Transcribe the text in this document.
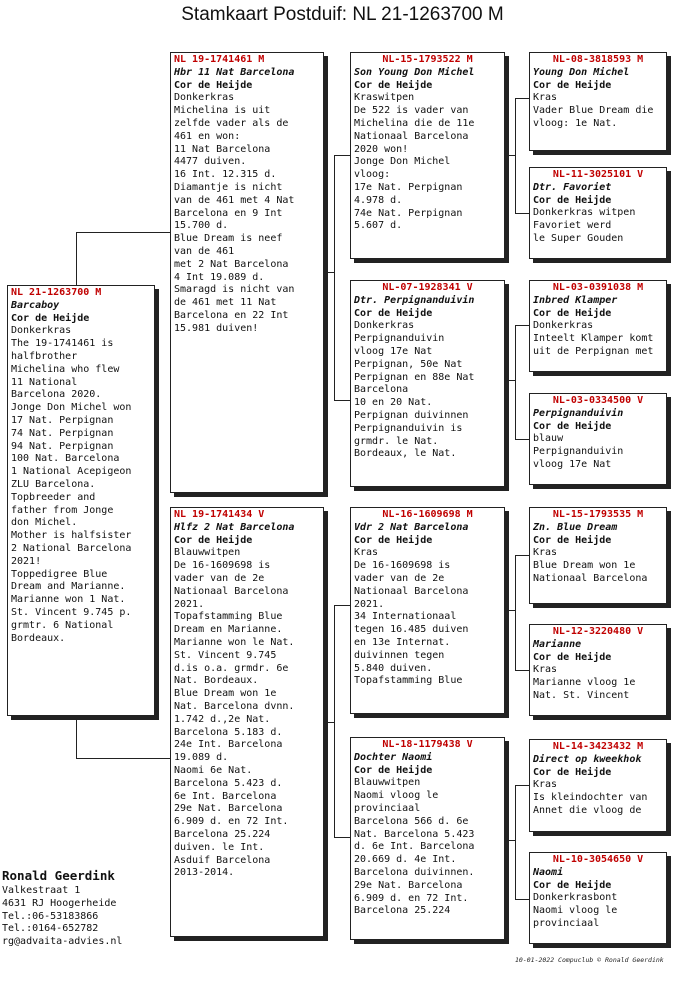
Stamkaart Postduif: NL 21-1263700 M
NL 21-1263700 M
Barcaboy
Cor de Heijde
Donkerkras
The 19-1741461 is
halfbrother
Michelina who flew
11 National
Barcelona 2020.
Jonge Don Michel won
17 Nat. Perpignan
74 Nat. Perpignan
94 Nat. Perpignan
100 Nat. Barcelona
1 National Acepigeon
ZLU Barcelona.
Topbreeder and
father from Jonge
don Michel.
Mother is halfsister
2 National Barcelona
2021!
Toppedigree Blue
Dream and Marianne.
Marianne won 1 Nat.
St. Vincent 9.745 p.
grmtr. 6 National
Bordeaux.
NL 19-1741461 M
Hbr 11 Nat Barcelona
Cor de Heijde
Donkerkras
Michelina is uit
zelfde vader als de
461 en won:
11 Nat Barcelona
4477 duiven.
16 Int. 12.315 d.
Diamantje is nicht
van de 461 met 4 Nat
Barcelona en 9 Int
15.700 d.
Blue Dream is neef
van de 461
met 2 Nat Barcelona
4 Int 19.089 d.
Smaragd is nicht van
de 461 met 11 Nat
Barcelona en 22 Int
15.981 duiven!
NL 19-1741434 V
Hlfz 2 Nat Barcelona
Cor de Heijde
Blauwwitpen
De 16-1609698 is
vader van de 2e
Nationaal Barcelona
2021.
Topafstamming Blue
Dream en Marianne.
Marianne won le Nat.
St. Vincent 9.745
d.is o.a. grmdr. 6e
Nat. Bordeaux.
Blue Dream won 1e
Nat. Barcelona dvnn.
1.742 d.,2e Nat.
Barcelona 5.183 d.
24e Int. Barcelona
19.089 d.
Naomi 6e Nat.
Barcelona 5.423 d.
6e Int. Barcelona
29e Nat. Barcelona
6.909 d. en 72 Int.
Barcelona 25.224
duiven. le Int.
Asduif Barcelona
2013-2014.
NL-15-1793522 M
Son Young Don Michel
Cor de Heijde
Kraswitpen
De 522 is vader van
Michelina die de 11e
Nationaal Barcelona
2020 won!
Jonge Don Michel
vloog:
17e Nat. Perpignan
4.978 d.
74e Nat. Perpignan
5.607 d.
NL-07-1928341 V
Dtr. Perpignanduivin
Cor de Heijde
Donkerkras
Perpignanduivin
vloog 17e Nat
Perpignan, 50e Nat
Perpignan en 88e Nat
Barcelona
10 en 20 Nat.
Perpignan duivinnen
Perpignanduivin is
grmdr. le Nat.
Bordeaux, le Nat.
NL-16-1609698 M
Vdr 2 Nat Barcelona
Cor de Heijde
Kras
De 16-1609698 is
vader van de 2e
Nationaal Barcelona
2021.
34 Internationaal
tegen 16.485 duiven
en 13e Internat.
duivinnen tegen
5.840 duiven.
Topafstamming Blue
NL-18-1179438 V
Dochter Naomi
Cor de Heijde
Blauwwitpen
Naomi vloog le
provinciaal
Barcelona 566 d. 6e
Nat. Barcelona 5.423
d. 6e Int. Barcelona
20.669 d. 4e Int.
Barcelona duivinnen.
29e Nat. Barcelona
6.909 d. en 72 Int.
Barcelona 25.224
NL-08-3818593 M
Young Don Michel
Cor de Heijde
Kras
Vader Blue Dream die
vloog: 1e Nat.
NL-11-3025101 V
Dtr. Favoriet
Cor de Heijde
Donkerkras witpen
Favoriet werd
le Super Gouden
NL-03-0391038 M
Inbred Klamper
Cor de Heijde
Donkerkras
Inteelt Klamper komt
uit de Perpignan met
NL-03-0334500 V
Perpignanduivin
Cor de Heijde
blauw
Perpignanduivin
vloog 17e Nat
NL-15-1793535 M
Zn. Blue Dream
Cor de Heijde
Kras
Blue Dream won 1e
Nationaal Barcelona
NL-12-3220480 V
Marianne
Cor de Heijde
Kras
Marianne vloog 1e
Nat. St. Vincent
NL-14-3423432 M
Direct op kweekhok
Cor de Heijde
Kras
Is kleindochter van
Annet die vloog de
NL-10-3054650 V
Naomi
Cor de Heijde
Donkerkrasbont
Naomi vloog le
provinciaal
Ronald Geerdink
Valkestraat 1
4631 RJ Hoogerheide
Tel.:06-53183866
Tel.:0164-652782
rg@advaita-advies.nl
10-01-2022 Compuclub © Ronald Geerdink
